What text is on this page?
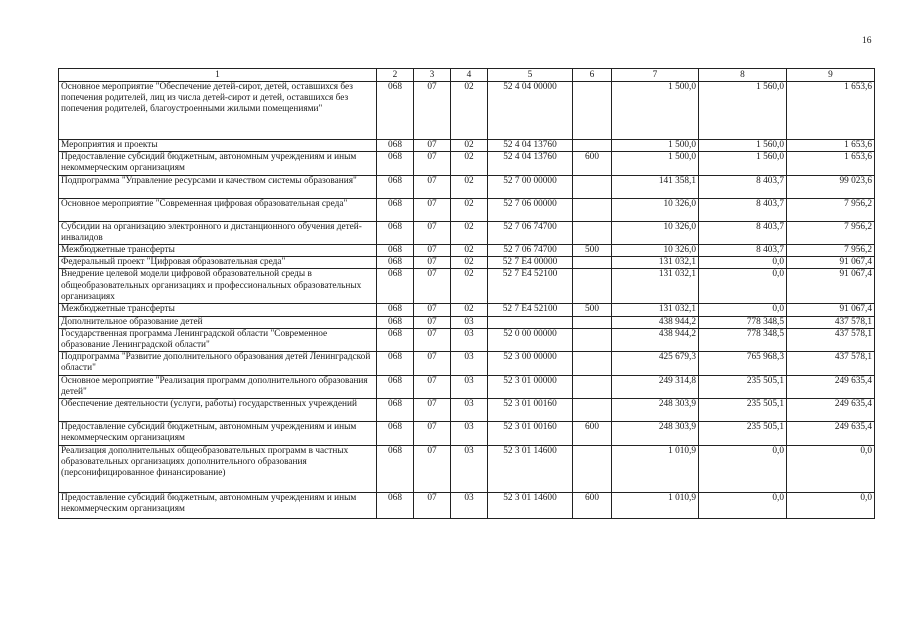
16
1	2	3	4	5	6	7	8	9
Основное мероприятие "Обеспечение детей-сирот, детей, оставшихся без попечения родителей, лиц из числа детей-сирот и детей, оставшихся без попечения родителей, благоустроенными жилыми помещениями"	068	07	02	52 4 04 00000		1 500,0	1 560,0	1 653,6
Мероприятия и проекты	068	07	02	52 4 04 13760		1 500,0	1 560,0	1 653,6
Предоставление субсидий бюджетным, автономным учреждениям и иным некоммерческим организациям	068	07	02	52 4 04 13760	600	1 500,0	1 560,0	1 653,6
Подпрограмма "Управление ресурсами и качеством системы образования"	068	07	02	52 7 00 00000		141 358,1	8 403,7	99 023,6
Основное мероприятие "Современная цифровая образовательная среда"	068	07	02	52 7 06 00000		10 326,0	8 403,7	7 956,2
Субсидии на организацию электронного и дистанционного обучения детей-инвалидов	068	07	02	52 7 06 74700		10 326,0	8 403,7	7 956,2
Межбюджетные трансферты	068	07	02	52 7 06 74700	500	10 326,0	8 403,7	7 956,2
Федеральный проект "Цифровая образовательная среда"	068	07	02	52 7 E4 00000		131 032,1	0,0	91 067,4
Внедрение целевой модели цифровой образовательной среды в общеобразовательных организациях и профессиональных образовательных организациях	068	07	02	52 7 E4 52100		131 032,1	0,0	91 067,4
Межбюджетные трансферты	068	07	02	52 7 E4 52100	500	131 032,1	0,0	91 067,4
Дополнительное образование детей	068	07	03			438 944,2	778 348,5	437 578,1
Государственная программа Ленинградской области "Современное образование Ленинградской области"	068	07	03	52 0 00 00000		438 944,2	778 348,5	437 578,1
Подпрограмма "Развитие дополнительного образования детей Ленинградской области"	068	07	03	52 3 00 00000		425 679,3	765 968,3	437 578,1
Основное мероприятие "Реализация программ дополнительного образования детей"	068	07	03	52 3 01 00000		249 314,8	235 505,1	249 635,4
Обеспечение деятельности (услуги, работы) государственных учреждений	068	07	03	52 3 01 00160		248 303,9	235 505,1	249 635,4
Предоставление субсидий бюджетным, автономным учреждениям и иным некоммерческим организациям	068	07	03	52 3 01 00160	600	248 303,9	235 505,1	249 635,4
Реализация дополнительных общеобразовательных программ в частных образовательных организациях дополнительного образования (персонифицированное финансирование)	068	07	03	52 3 01 14600		1 010,9	0,0	0,0
Предоставление субсидий бюджетным, автономным учреждениям и иным некоммерческим организациям	068	07	03	52 3 01 14600	600	1 010,9	0,0	0,0
